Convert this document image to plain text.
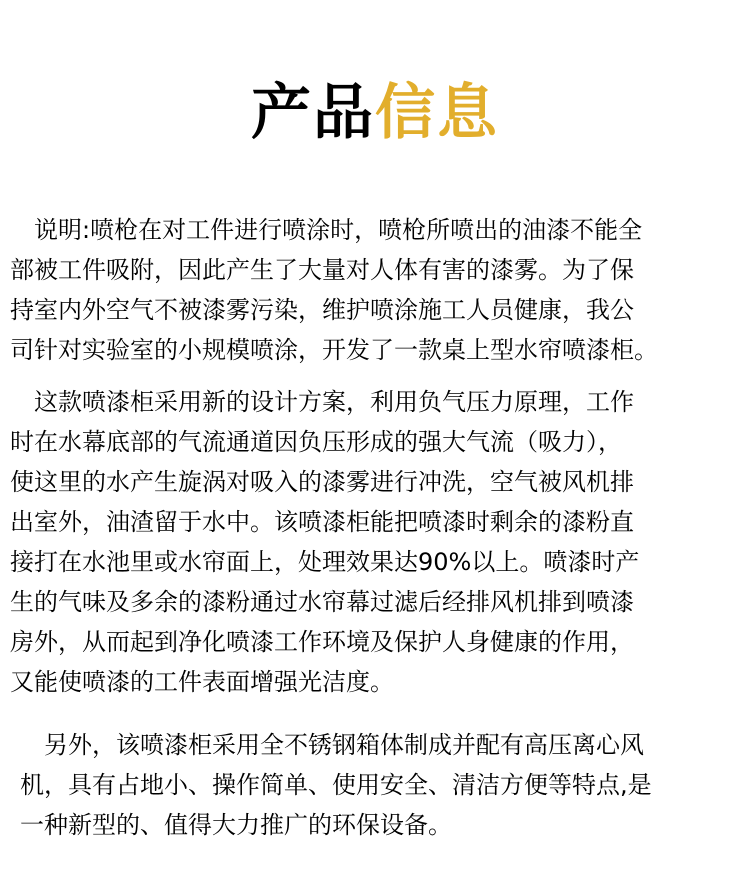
产品信息
说明:喷枪在对工件进行喷涂时，喷枪所喷出的油漆不能全
部被工件吸附，因此产生了大量对人体有害的漆雾。为了保
持室内外空气不被漆雾污染，维护喷涂施工人员健康，我公
司针对实验室的小规模喷涂，开发了一款桌上型水帘喷漆柜。
这款喷漆柜采用新的设计方案，利用负气压力原理，工作
时在水幕底部的气流通道因负压形成的强大气流（吸力），
使这里的水产生旋涡对吸入的漆雾进行冲洗，空气被风机排
出室外，油渣留于水中。该喷漆柜能把喷漆时剩余的漆粉直
接打在水池里或水帘面上，处理效果达90%以上。喷漆时产
生的气味及多余的漆粉通过水帘幕过滤后经排风机排到喷漆
房外，从而起到净化喷漆工作环境及保护人身健康的作用，
又能使喷漆的工件表面增强光洁度。
另外，该喷漆柜采用全不锈钢箱体制成并配有高压离心风
机，具有占地小、操作简单、使用安全、清洁方便等特点,是
一种新型的、值得大力推广的环保设备。
